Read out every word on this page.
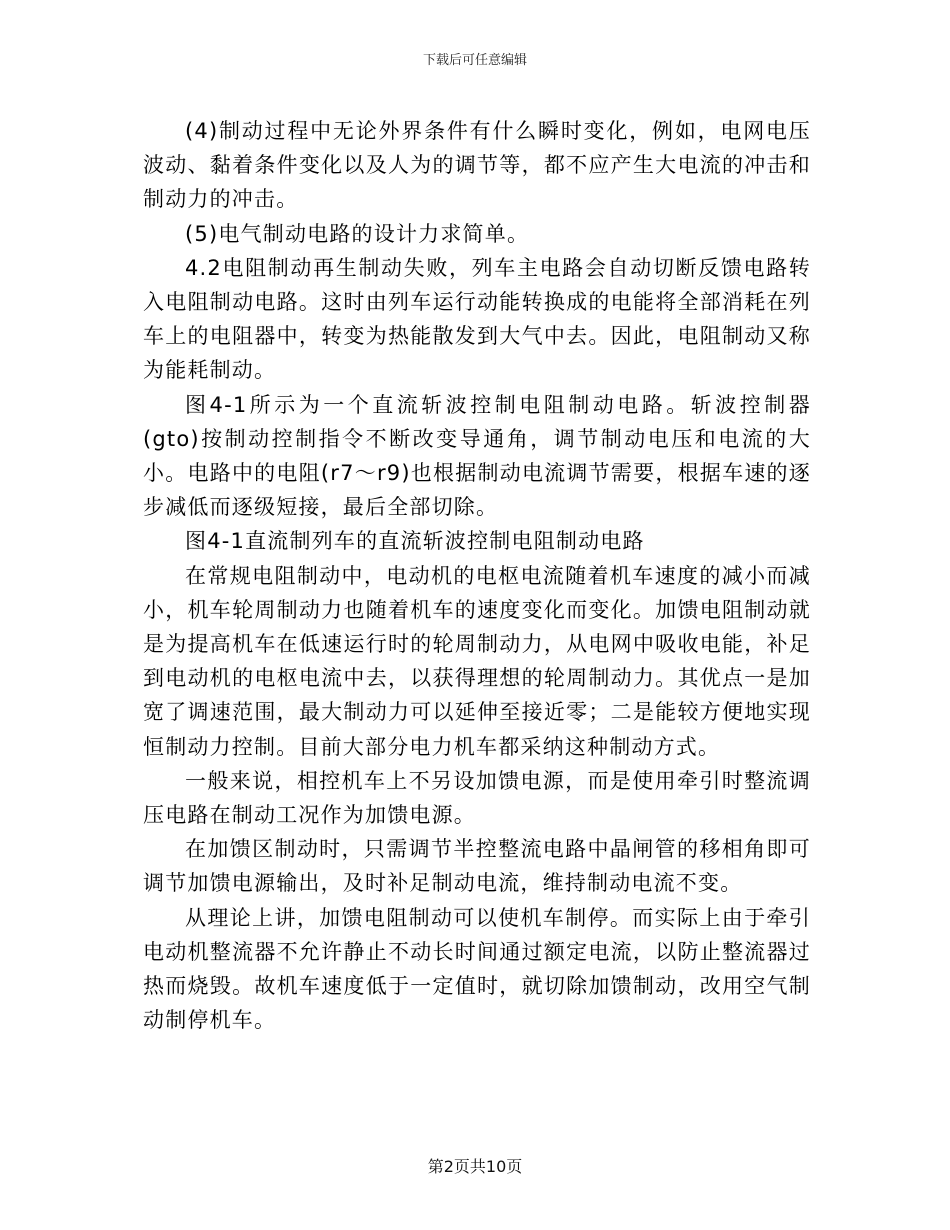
下载后可任意编辑

(4)制动过程中无论外界条件有什么瞬时变化，例如，电网电压波动、黏着条件变化以及人为的调节等，都不应产生大电流的冲击和制动力的冲击。

(5)电气制动电路的设计力求简单。

4.2电阻制动再生制动失败，列车主电路会自动切断反馈电路转入电阻制动电路。这时由列车运行动能转换成的电能将全部消耗在列车上的电阻器中，转变为热能散发到大气中去。因此，电阻制动又称为能耗制动。

图4-1所示为一个直流斩波控制电阻制动电路。斩波控制器(gto)按制动控制指令不断改变导通角，调节制动电压和电流的大小。电路中的电阻(r7～r9)也根据制动电流调节需要，根据车速的逐步减低而逐级短接，最后全部切除。

图4-1直流制列车的直流斩波控制电阻制动电路

在常规电阻制动中，电动机的电枢电流随着机车速度的减小而减小，机车轮周制动力也随着机车的速度变化而变化。加馈电阻制动就是为提高机车在低速运行时的轮周制动力，从电网中吸收电能，补足到电动机的电枢电流中去，以获得理想的轮周制动力。其优点一是加宽了调速范围，最大制动力可以延伸至接近零；二是能较方便地实现恒制动力控制。目前大部分电力机车都采纳这种制动方式。

一般来说，相控机车上不另设加馈电源，而是使用牵引时整流调压电路在制动工况作为加馈电源。

在加馈区制动时，只需调节半控整流电路中晶闸管的移相角即可调节加馈电源输出，及时补足制动电流，维持制动电流不变。

从理论上讲，加馈电阻制动可以使机车制停。而实际上由于牵引电动机整流器不允许静止不动长时间通过额定电流，以防止整流器过热而烧毁。故机车速度低于一定值时，就切除加馈制动，改用空气制动制停机车。

第2页共10页
